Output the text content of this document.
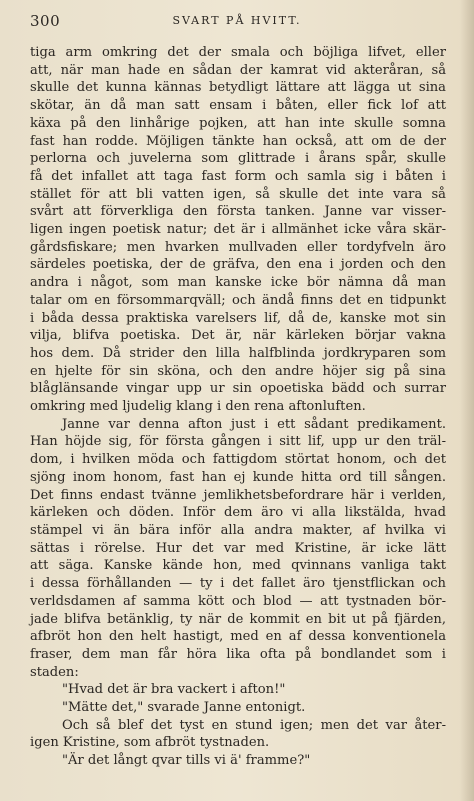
300	SVART PÅ HVITT.
tiga arm omkring det der smala och böjliga lifvet, eller
att, när man hade en sådan der kamrat vid akteråran, så
skulle det kunna kännas betydligt lättare att lägga ut sina
skötar, än då man satt ensam i båten, eller fick lof att
käxa på den linhårige pojken, att han inte skulle somna
fast han rodde. Möjligen tänkte han också, att om de der
perlorna och juvelerna som glittrade i årans spår, skulle
få det infallet att taga fast form och samla sig i båten i
stället för att bli vatten igen, så skulle det inte vara så
svårt att förverkliga den första tanken. Janne var visser-
ligen ingen poetisk natur; det är i allmänhet icke våra skär-
gårdsfiskare; men hvarken mullvaden eller tordyfveln äro
särdeles poetiska, der de gräfva, den ena i jorden och den
andra i något, som man kanske icke bör nämna då man
talar om en försommarqväll; och ändå finns det en tidpunkt
i båda dessa praktiska varelsers lif, då de, kanske mot sin
vilja, blifva poetiska. Det är, när kärleken börjar vakna
hos dem. Då strider den lilla halfblinda jordkryparen som
en hjelte för sin sköna, och den andre höjer sig på sina
blåglänsande vingar upp ur sin opoetiska bädd och surrar
omkring med ljudelig klang i den rena aftonluften.
Janne var denna afton just i ett sådant predikament.
Han höjde sig, för första gången i sitt lif, upp ur den träl-
dom, i hvilken möda och fattigdom störtat honom, och det
sjöng inom honom, fast han ej kunde hitta ord till sången.
Det finns endast tvänne jemlikhetsbefordrare här i verlden,
kärleken och döden. Inför dem äro vi alla likstälda, hvad
stämpel vi än bära inför alla andra makter, af hvilka vi
sättas i rörelse. Hur det var med Kristine, är icke lätt
att säga. Kanske kände hon, med qvinnans vanliga takt
i dessa förhållanden — ty i det fallet äro tjenstflickan och
verldsdamen af samma kött och blod — att tystnaden bör-
jade blifva betänklig, ty när de kommit en bit ut på fjärden,
afbröt hon den helt hastigt, med en af dessa konventionela
fraser, dem man får höra lika ofta på bondlandet som i
staden:
"Hvad det är bra vackert i afton!"
"Mätte det," svarade Janne entonigt.
Och så blef det tyst en stund igen; men det var åter-
igen Kristine, som afbröt tystnaden.
"Är det långt qvar tills vi ä' framme?"
